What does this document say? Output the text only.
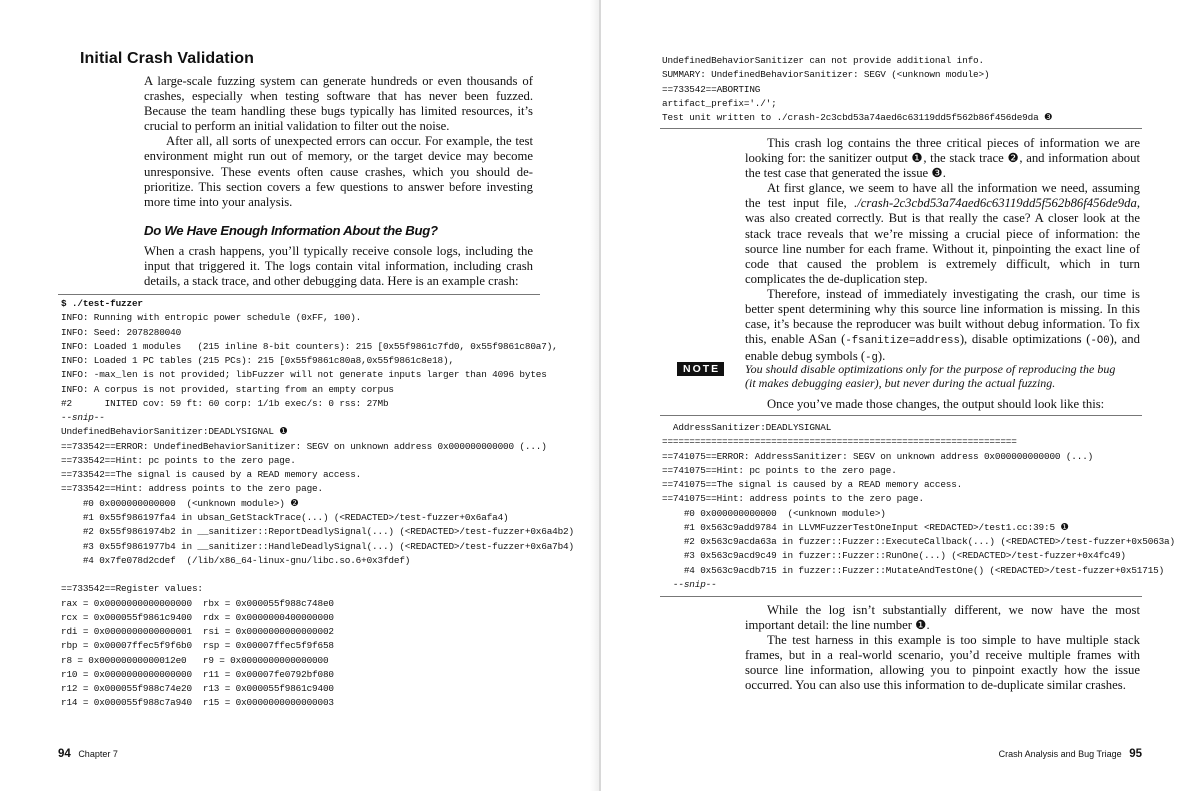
Initial Crash Validation

A large-scale fuzzing system can generate hundreds or even thousands of crashes, especially when testing software that has never been fuzzed. Because the team handling these bugs typically has limited resources, it’s crucial to perform an initial validation to filter out the noise.

After all, all sorts of unexpected errors can occur. For example, the test environment might run out of memory, or the target device may become unresponsive. These events often cause crashes, which you should de-prioritize. This section covers a few questions to answer before investing more time into your analysis.

Do We Have Enough Information About the Bug?

When a crash happens, you’ll typically receive console logs, including the input that triggered it. The logs contain vital information, including crash details, a stack trace, and other debugging data. Here is an example crash:

$ ./test-fuzzer
INFO: Running with entropic power schedule (0xFF, 100).
INFO: Seed: 2078280040
INFO: Loaded 1 modules   (215 inline 8-bit counters): 215 [0x55f9861c7fd0, 0x55f9861c80a7),
INFO: Loaded 1 PC tables (215 PCs): 215 [0x55f9861c80a8,0x55f9861c8e18),
INFO: -max_len is not provided; libFuzzer will not generate inputs larger than 4096 bytes
INFO: A corpus is not provided, starting from an empty corpus
#2      INITED cov: 59 ft: 60 corp: 1/1b exec/s: 0 rss: 27Mb
--snip--
UndefinedBehaviorSanitizer:DEADLYSIGNAL ❶
==733542==ERROR: UndefinedBehaviorSanitizer: SEGV on unknown address 0x000000000000 (...)
==733542==Hint: pc points to the zero page.
==733542==The signal is caused by a READ memory access.
==733542==Hint: address points to the zero page.
#0 0x000000000000  (<unknown module>) ❷
#1 0x55f986197fa4 in ubsan_GetStackTrace(...) (<REDACTED>/test-fuzzer+0x6afa4)
#2 0x55f9861974b2 in __sanitizer::ReportDeadlySignal(...) (<REDACTED>/test-fuzzer+0x6a4b2)
#3 0x55f9861977b4 in __sanitizer::HandleDeadlySignal(...) (<REDACTED>/test-fuzzer+0x6a7b4)
#4 0x7fe078d2cdef  (/lib/x86_64-linux-gnu/libc.so.6+0x3fdef)
==733542==Register values:
rax = 0x0000000000000000  rbx = 0x000055f988c748e0
rcx = 0x000055f9861c9400  rdx = 0x0000000400000000
rdi = 0x0000000000000001  rsi = 0x0000000000000002
rbp = 0x00007ffec5f9f6b0  rsp = 0x00007ffec5f9f658
r8 = 0x00000000000012e0   r9 = 0x0000000000000000
r10 = 0x0000000000000000  r11 = 0x00007fe0792bf080
r12 = 0x000055f988c74e20  r13 = 0x000055f9861c9400
r14 = 0x000055f988c7a940  r15 = 0x0000000000000003
94 Chapter 7
UndefinedBehaviorSanitizer can not provide additional info.
SUMMARY: UndefinedBehaviorSanitizer: SEGV (<unknown module>)
==733542==ABORTING
artifact_prefix='./';
Test unit written to ./crash-2c3cbd53a74aed6c63119dd5f562b86f456de9da ❸

This crash log contains the three critical pieces of information we are looking for: the sanitizer output ❶, the stack trace ❷, and information about the test case that generated the issue ❸.

At first glance, we seem to have all the information we need, assuming the test input file, ./crash-2c3cbd53a74aed6c63119dd5f562b86f456de9da, was also created correctly. But is that really the case? A closer look at the stack trace reveals that we’re missing a crucial piece of information: the source line number for each frame. Without it, pinpointing the exact line of code that caused the problem is extremely difficult, which in turn complicates the de-duplication step.

Therefore, instead of immediately investigating the crash, our time is better spent determining why this source line information is missing. In this case, it’s because the reproducer was built without debug information. To fix this, enable ASan (-fsanitize=address), disable optimizations (-O0), and enable debug symbols (-g).

NOTE	You should disable optimizations only for the purpose of reproducing the bug (it makes debugging easier), but never during the actual fuzzing.

Once you’ve made those changes, the output should look like this:

AddressSanitizer:DEADLYSIGNAL
=================================================================
==741075==ERROR: AddressSanitizer: SEGV on unknown address 0x000000000000 (...)
==741075==Hint: pc points to the zero page.
==741075==The signal is caused by a READ memory access.
==741075==Hint: address points to the zero page.
#0 0x000000000000  (<unknown module>)
#1 0x563c9add9784 in LLVMFuzzerTestOneInput <REDACTED>/test1.cc:39:5 ❶
#2 0x563c9acda63a in fuzzer::Fuzzer::ExecuteCallback(...) (<REDACTED>/test-fuzzer+0x5063a)
#3 0x563c9acd9c49 in fuzzer::Fuzzer::RunOne(...) (<REDACTED>/test-fuzzer+0x4fc49)
#4 0x563c9acdb715 in fuzzer::Fuzzer::MutateAndTestOne() (<REDACTED>/test-fuzzer+0x51715)
--snip--

While the log isn’t substantially different, we now have the most important detail: the line number ❶.

The test harness in this example is too simple to have multiple stack frames, but in a real-world scenario, you’d receive multiple frames with source line information, allowing you to pinpoint exactly how the issue occurred. You can also use this information to de-duplicate similar crashes.

Crash Analysis and Bug Triage 95
